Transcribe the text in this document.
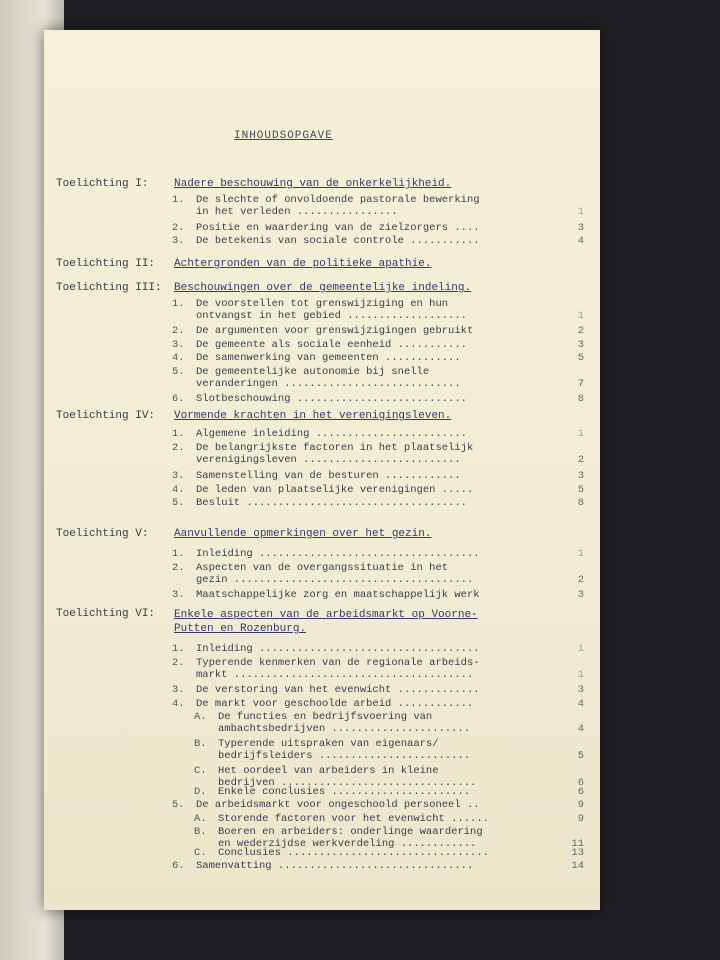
INHOUDSOPGAVE
Toelichting I: Nadere beschouwing van de onkerkelijkheid.
1. De slechte of onvoldoende pastorale bewerking
in het verleden ................	1
2. Positie en waardering van de zielzorgers ....	3
3. De betekenis van sociale controle ...........	4
Toelichting II: Achtergronden van de politieke apathie.
Toelichting III: Beschouwingen over de gemeentelijke indeling.
1. De voorstellen tot grenswijziging en hun
ontvangst in het gebied ...................	1
2. De argumenten voor grenswijzigingen gebruikt	2
3. De gemeente als sociale eenheid ...........	3
4. De samenwerking van gemeenten ............	5
5. De gemeentelijke autonomie bij snelle
veranderingen ............................	7
6. Slotbeschouwing ...........................	8
Toelichting IV: Vormende krachten in het verenigingsleven.
1. Algemene inleiding ........................	1
2. De belangrijkste factoren in het plaatselijk
verenigingsleven .........................	2
3. Samenstelling van de besturen ............	3
4. De leden van plaatselijke verenigingen .....	5
5. Besluit ...................................	8
Toelichting V: Aanvullende opmerkingen over het gezin.
1. Inleiding ...................................	1
2. Aspecten van de overgangssituatie in het
gezin ......................................	2
3. Maatschappelijke zorg en maatschappelijk werk	3
Toelichting VI: Enkele aspecten van de arbeidsmarkt op Voorne-
Putten en Rozenburg.
1. Inleiding ...................................	1
2. Typerende kenmerken van de regionale arbeids-
markt ......................................	1
3. De verstoring van het evenwicht .............	3
4. De markt voor geschoolde arbeid ............	4
A. De functies en bedrijfsvoering van
ambachtsbedrijven ......................	4
B. Typerende uitspraken van eigenaars/
bedrijfsleiders ........................	5
C. Het oordeel van arbeiders in kleine
bedrijven ...............................	6
D. Enkele conclusies ......................	6
5. De arbeidsmarkt voor ongeschoold personeel ..	9
A. Storende factoren voor het evenwicht ......	9
B. Boeren en arbeiders: onderlinge waardering
en wederzijdse werkverdeling ............	11
C. Conclusies ................................	13
6. Samenvatting ...............................	14
